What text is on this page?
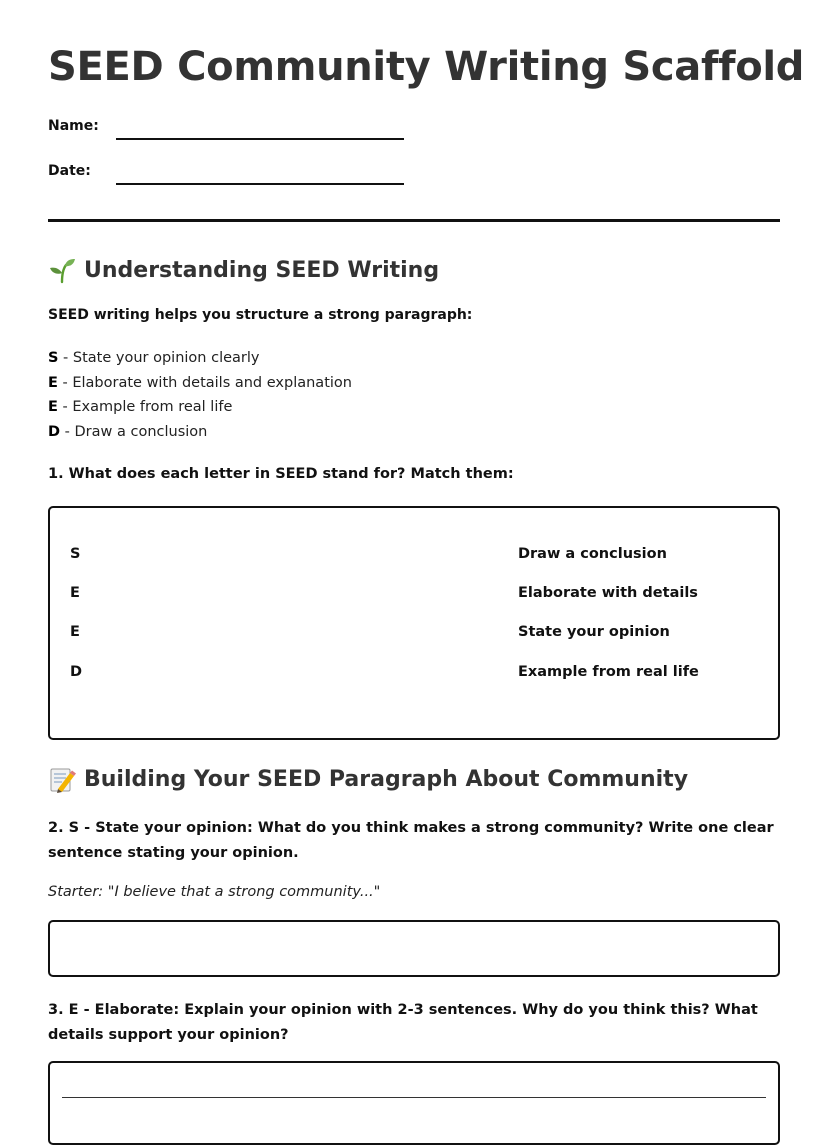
SEED Community Writing Scaffold
Name:
Date:
Understanding SEED Writing
SEED writing helps you structure a strong paragraph:
S - State your opinion clearly
E - Elaborate with details and explanation
E - Example from real life
D - Draw a conclusion
1. What does each letter in SEED stand for? Match them:
S
E
E
D
Draw a conclusion
Elaborate with details
State your opinion
Example from real life
Building Your SEED Paragraph About Community
2. S - State your opinion: What do you think makes a strong community? Write one clear sentence stating your opinion.
Starter: "I believe that a strong community..."
3. E - Elaborate: Explain your opinion with 2-3 sentences. Why do you think this? What details support your opinion?
